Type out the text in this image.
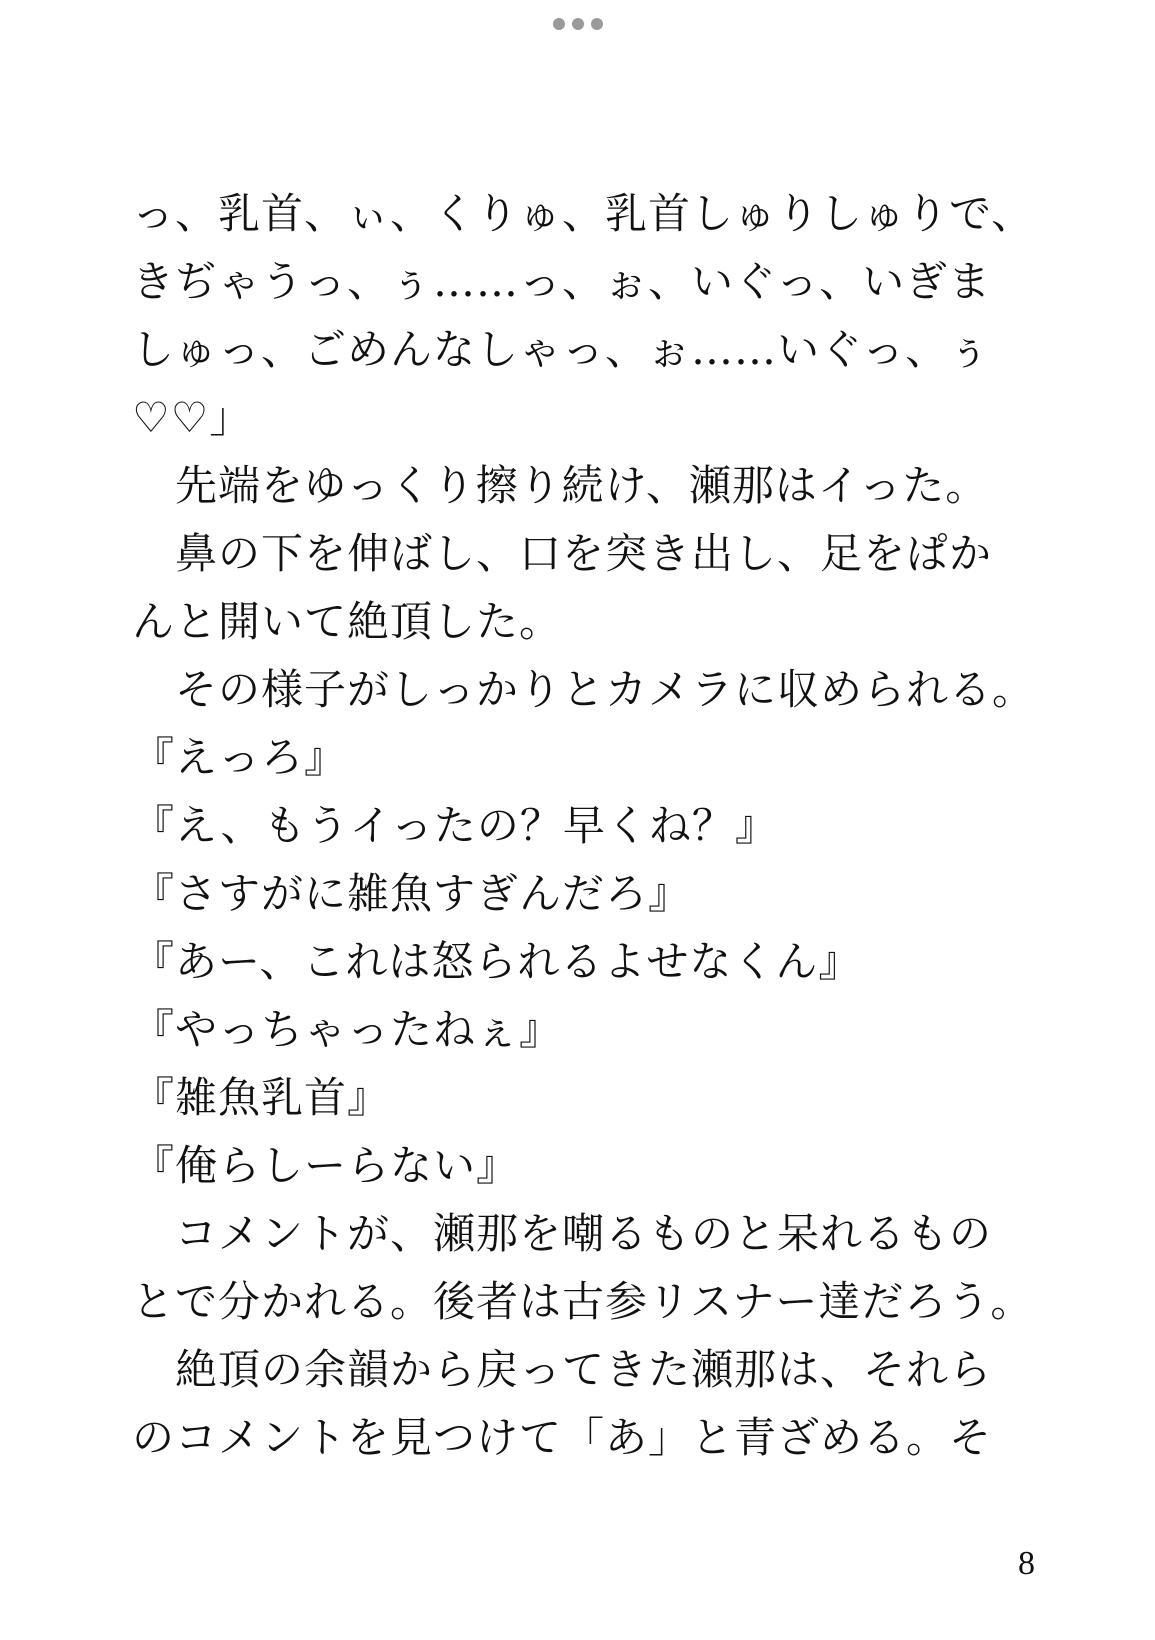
っ、乳首、ぃ、くりゅ、乳首しゅりしゅりで、
きぢゃうっ、ぅ……っ、ぉ、いぐっ、いぎま
しゅっ、ごめんなしゃっ、ぉ……いぐっ、ぅ
♡♡」
　先端をゆっくり擦り続け、瀬那はイった。
　鼻の下を伸ばし、口を突き出し、足をぱか
んと開いて絶頂した。
　その様子がしっかりとカメラに収められる。
『えっろ』
『え、もうイったの？早くね？』
『さすがに雑魚すぎんだろ』
『あー、これは怒られるよせなくん』
『やっちゃったねぇ』
『雑魚乳首』
『俺らしーらない』
　コメントが、瀬那を嘲るものと呆れるもの
とで分かれる。後者は古参リスナー達だろう。
　絶頂の余韻から戻ってきた瀬那は、それら
のコメントを見つけて「あ」と青ざめる。そ
8
